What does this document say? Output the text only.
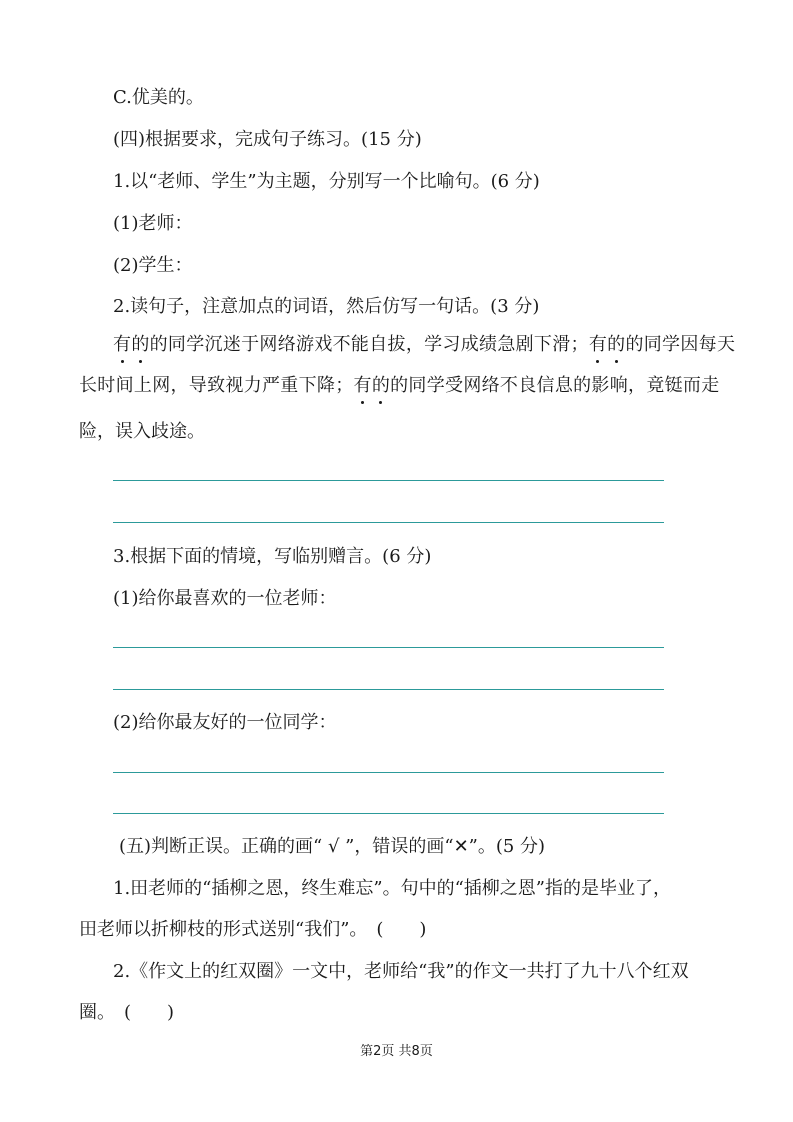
C.优美的。
(四)根据要求，完成句子练习。(15 分)
1.以“老师、学生”为主题，分别写一个比喻句。(6 分)
(1)老师：
(2)学生：
2.读句子，注意加点的词语，然后仿写一句话。(3 分)
有的的同学沉迷于网络游戏不能自拔，学习成绩急剧下滑；有的的同学因每天
长时间上网，导致视力严重下降；有的的同学受网络不良信息的影响，竟铤而走
险，误入歧途。
3.根据下面的情境，写临别赠言。(6 分)
(1)给你最喜欢的一位老师：
(2)给你最友好的一位同学：
(五)判断正误。正确的画“ √ ”，错误的画“✕”。(5 分)
1.田老师的“插柳之恩，终生难忘”。句中的“插柳之恩”指的是毕业了，
田老师以折柳枝的形式送别“我们”。　(　　)
2.《作文上的红双圈》一文中，老师给“我”的作文一共打了九十八个红双
圈。　(　　)
第2页 共8页
